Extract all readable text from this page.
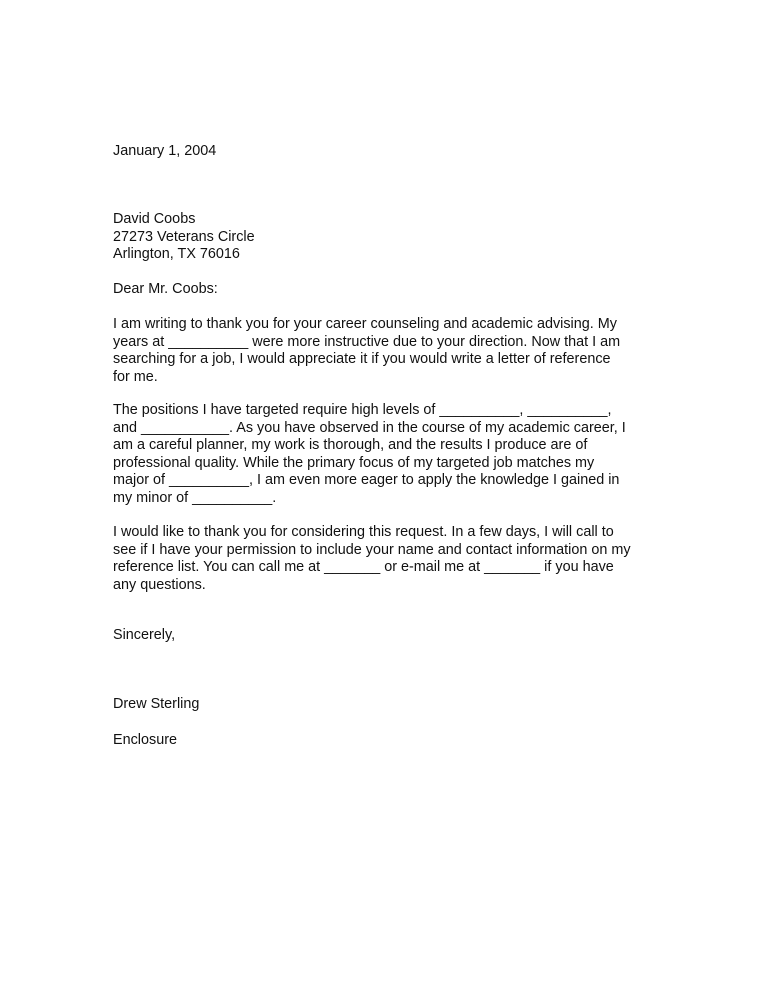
January 1, 2004

David Coobs
27273 Veterans Circle
Arlington, TX 76016

Dear Mr. Coobs:

I am writing to thank you for your career counseling and academic advising. My
years at __________ were more instructive due to your direction. Now that I am
searching for a job, I would appreciate it if you would write a letter of reference
for me.
The positions I have targeted require high levels of __________, __________,
and ___________. As you have observed in the course of my academic career, I
am a careful planner, my work is thorough, and the results I produce are of
professional quality. While the primary focus of my targeted job matches my
major of __________, I am even more eager to apply the knowledge I gained in
my minor of __________.
I would like to thank you for considering this request. In a few days, I will call to
see if I have your permission to include your name and contact information on my
reference list. You can call me at _______ or e-mail me at _______ if you have
any questions.

Sincerely,

Drew Sterling

Enclosure
